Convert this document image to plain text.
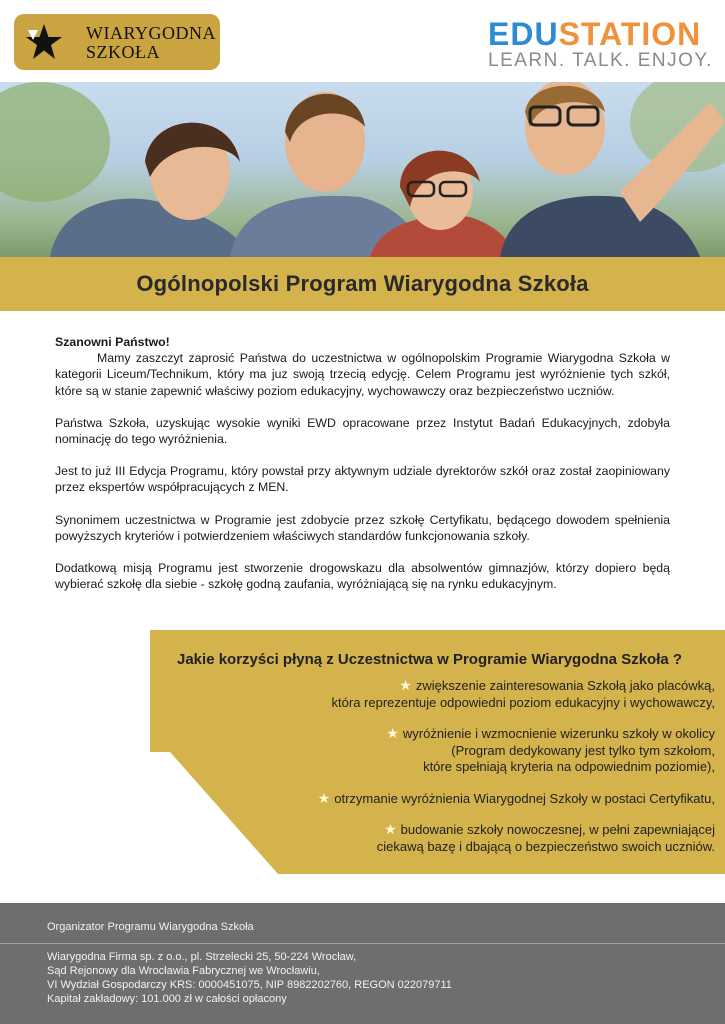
WIARYGODNA
SZKOŁA	EDUSTATION
LEARN. TALK. ENJOY.
Ogólnopolski Program Wiarygodna Szkoła
Szanowni Państwo!

Mamy zaszczyt zaprosić Państwa do uczestnictwa w ogólnopolskim Programie Wiarygodna Szkoła w kategorii Liceum/Technikum, który ma juz swoją trzecią edycję. Celem Programu jest wyróżnienie tych szkół, które są w stanie zapewnić właściwy poziom edukacyjny, wychowawczy oraz bezpieczeństwo uczniów.

Państwa Szkoła, uzyskując wysokie wyniki EWD opracowane przez Instytut Badań Edukacyjnych, zdobyła nominację do tego wyróżnienia.

Jest to już III Edycja Programu, który powstał przy aktywnym udziale dyrektorów szkół oraz został zaopiniowany przez ekspertów współpracujących z MEN.

Synonimem uczestnictwa w Programie jest zdobycie przez szkołę Certyfikatu, będącego dowodem spełnienia powyższych kryteriów i potwierdzeniem właściwych standardów funkcjonowania szkoły.

Dodatkową misją Programu jest stworzenie drogowskazu dla absolwentów gimnazjów, którzy dopiero będą wybierać szkołę dla siebie - szkołę godną zaufania, wyróżniającą się na rynku edukacyjnym.

Jakie korzyści płyną z Uczestnictwa w Programie Wiarygodna Szkoła ?
★ zwiększenie zainteresowania Szkołą jako placówką,
która reprezentuje odpowiedni poziom edukacyjny i wychowawczy,
★ wyróżnienie i wzmocnienie wizerunku szkoły w okolicy
(Program dedykowany jest tylko tym szkołom,
które spełniają kryteria na odpowiednim poziomie),
★ otrzymanie wyróżnienia Wiarygodnej Szkoły w postaci Certyfikatu,
★ budowanie szkoły nowoczesnej, w pełni zapewniającej
ciekawą bazę i dbającą o bezpieczeństwo swoich uczniów.
Organizator Programu Wiarygodna Szkoła
Wiarygodna Firma sp. z o.o., pl. Strzelecki 25, 50-224 Wrocław,
Sąd Rejonowy dla Wrocławia Fabrycznej we Wrocławiu,
VI Wydział Gospodarczy KRS: 0000451075, NIP 8982202760, REGON 022079711
Kapitał zakładowy: 101.000 zł w całości opłacony
